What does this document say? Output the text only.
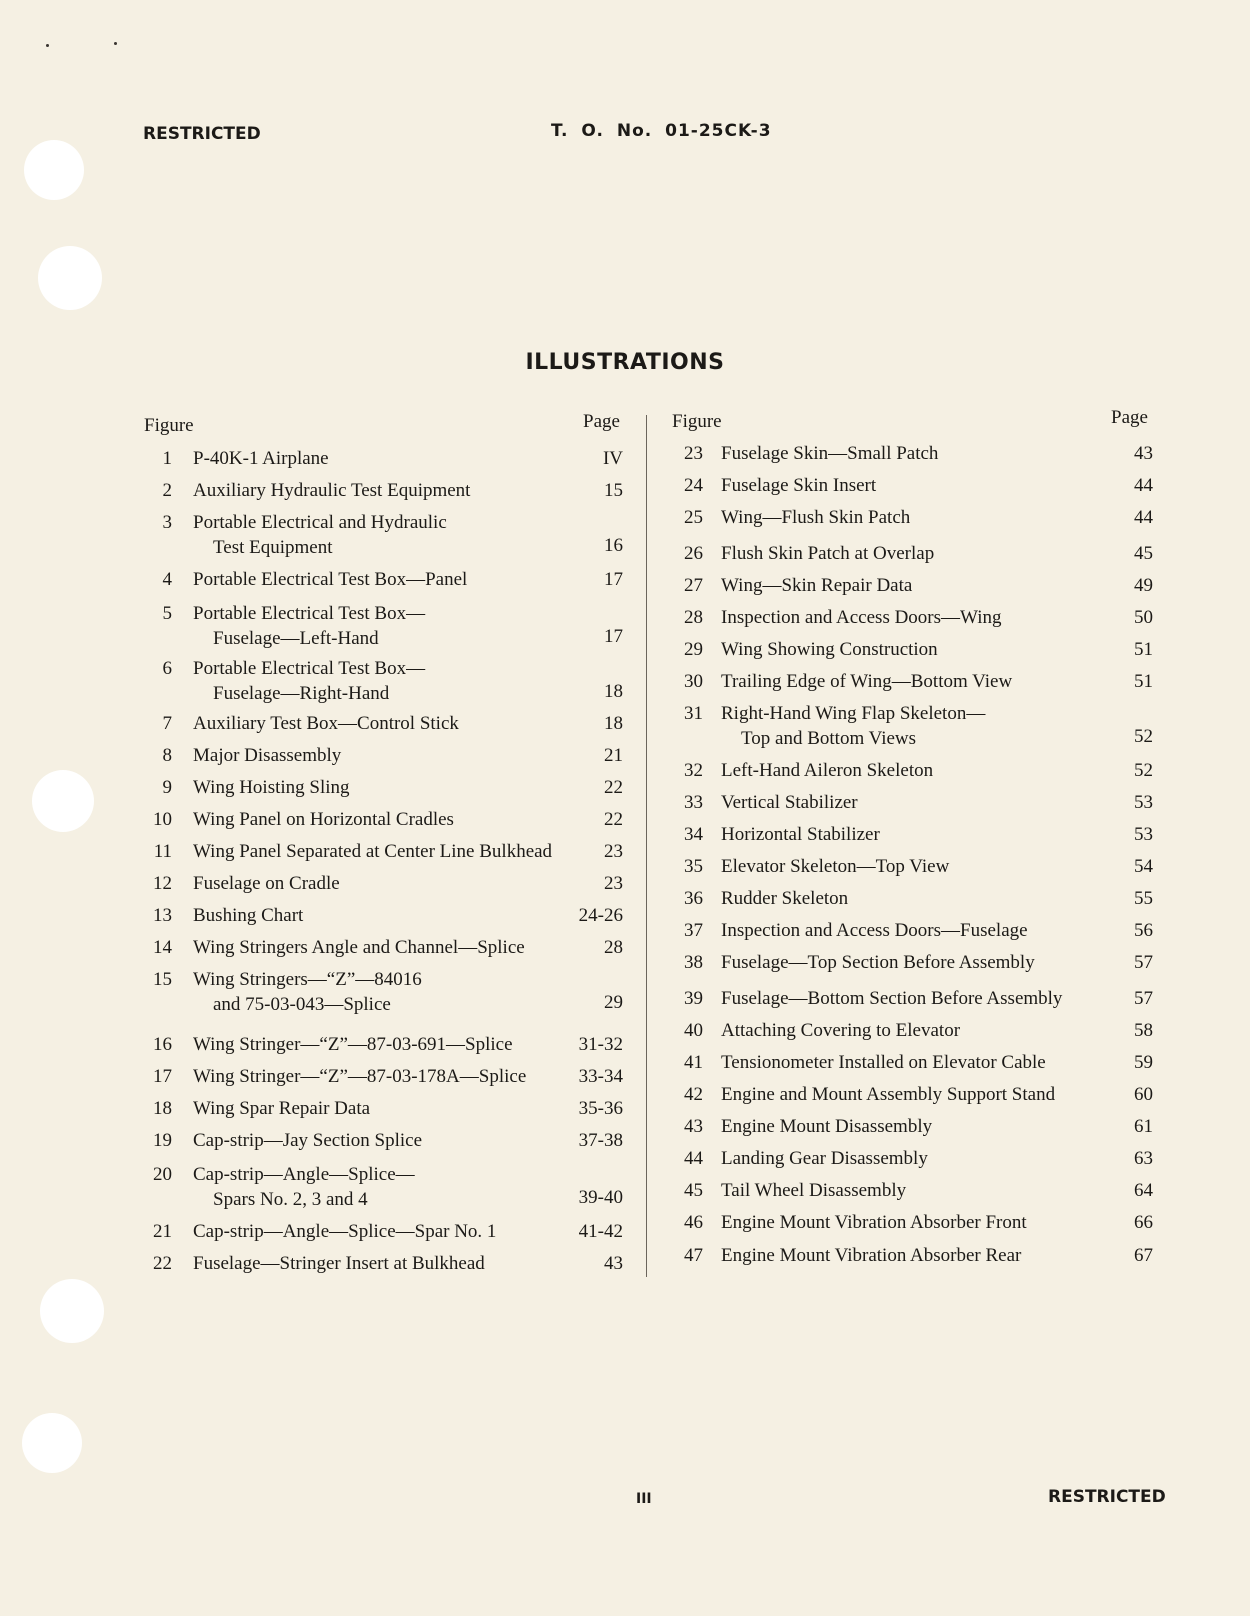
RESTRICTED	T. O. No. 01-25CK-3
ILLUSTRATIONS
Figure	Page	Figure	Page
1 P-40K-1 Airplane	IV
2 Auxiliary Hydraulic Test Equipment	15
3 Portable Electrical and Hydraulic
Test Equipment	16
4 Portable Electrical Test Box—Panel	17
5 Portable Electrical Test Box—
Fuselage—Left-Hand	17
6 Portable Electrical Test Box—
Fuselage—Right-Hand	18
7 Auxiliary Test Box—Control Stick	18
8 Major Disassembly	21
9 Wing Hoisting Sling	22
10 Wing Panel on Horizontal Cradles	22
11 Wing Panel Separated at Center Line Bulkhead	23
12 Fuselage on Cradle	23
13 Bushing Chart	24-26
14 Wing Stringers Angle and Channel—Splice	28
15 Wing Stringers—“Z”—84016
and 75-03-043—Splice	29
16 Wing Stringer—“Z”—87-03-691—Splice	31-32
17 Wing Stringer—“Z”—87-03-178A—Splice	33-34
18 Wing Spar Repair Data	35-36
19 Cap-strip—Jay Section Splice	37-38
20 Cap-strip—Angle—Splice—
Spars No. 2, 3 and 4	39-40
21 Cap-strip—Angle—Splice—Spar No. 1	41-42
22 Fuselage—Stringer Insert at Bulkhead	43
23 Fuselage Skin—Small Patch	43
24 Fuselage Skin Insert	44
25 Wing—Flush Skin Patch	44
26 Flush Skin Patch at Overlap	45
27 Wing—Skin Repair Data	49
28 Inspection and Access Doors—Wing	50
29 Wing Showing Construction	51
30 Trailing Edge of Wing—Bottom View	51
31 Right-Hand Wing Flap Skeleton—
Top and Bottom Views	52
32 Left-Hand Aileron Skeleton	52
33 Vertical Stabilizer	53
34 Horizontal Stabilizer	53
35 Elevator Skeleton—Top View	54
36 Rudder Skeleton	55
37 Inspection and Access Doors—Fuselage	56
38 Fuselage—Top Section Before Assembly	57
39 Fuselage—Bottom Section Before Assembly	57
40 Attaching Covering to Elevator	58
41 Tensionometer Installed on Elevator Cable	59
42 Engine and Mount Assembly Support Stand	60
43 Engine Mount Disassembly	61
44 Landing Gear Disassembly	63
45 Tail Wheel Disassembly	64
46 Engine Mount Vibration Absorber Front	66
47 Engine Mount Vibration Absorber Rear	67
III	RESTRICTED
